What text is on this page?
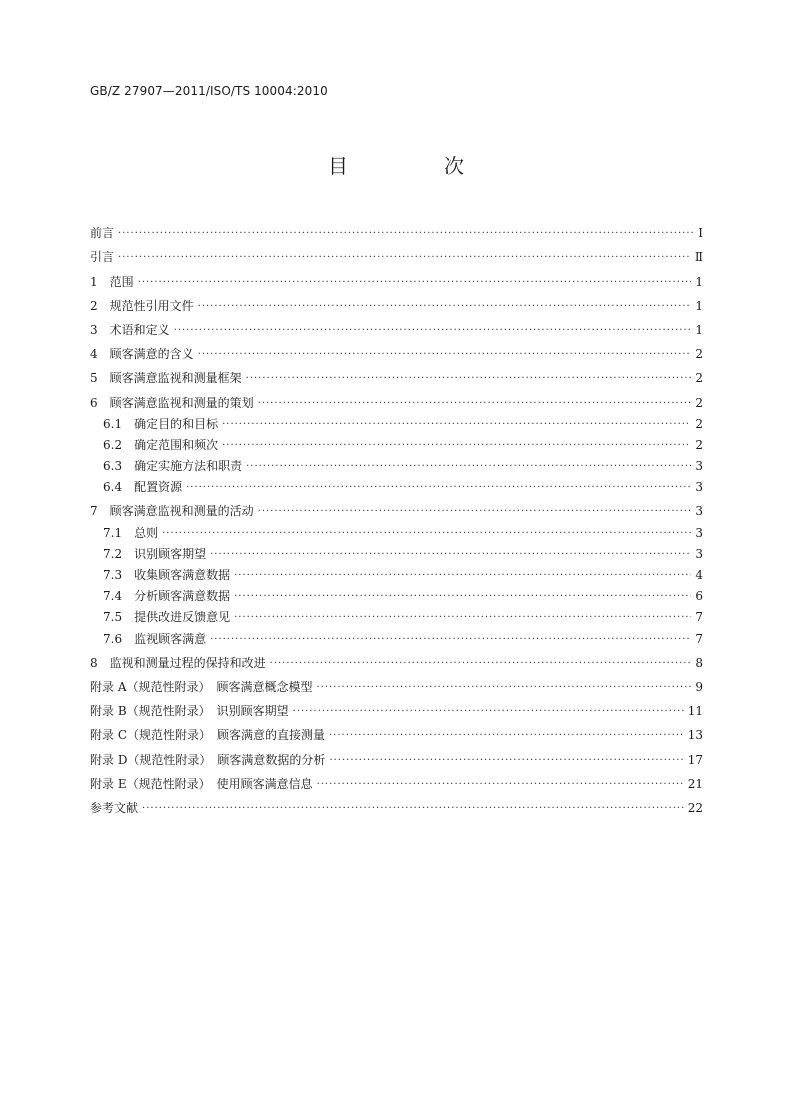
GB/Z 27907—2011/ISO/TS 10004:2010
目　次
前言 ·····	Ⅰ
引言 ·····	Ⅱ
1　范围 ·····	1
2　规范性引用文件 ·····	1
3　术语和定义 ·····	1
4　顾客满意的含义 ·····	2
5　顾客满意监视和测量框架 ·····	2
6　顾客满意监视和测量的策划 ·····	2
6.1　确定目的和目标 ·····	2
6.2　确定范围和频次 ·····	2
6.3　确定实施方法和职责 ·····	3
6.4　配置资源 ·····	3
7　顾客满意监视和测量的活动 ·····	3
7.1　总则 ·····	3
7.2　识别顾客期望 ·····	3
7.3　收集顾客满意数据 ·····	4
7.4　分析顾客满意数据 ·····	6
7.5　提供改进反馈意见 ·····	7
7.6　监视顾客满意 ·····	7
8　监视和测量过程的保持和改进 ·····	8
附录 A（规范性附录）　顾客满意概念模型 ·····	9
附录 B（规范性附录）　识别顾客期望 ·····	11
附录 C（规范性附录）　顾客满意的直接测量 ·····	13
附录 D（规范性附录）　顾客满意数据的分析 ·····	17
附录 E（规范性附录）　使用顾客满意信息 ·····	21
参考文献 ·····	22
